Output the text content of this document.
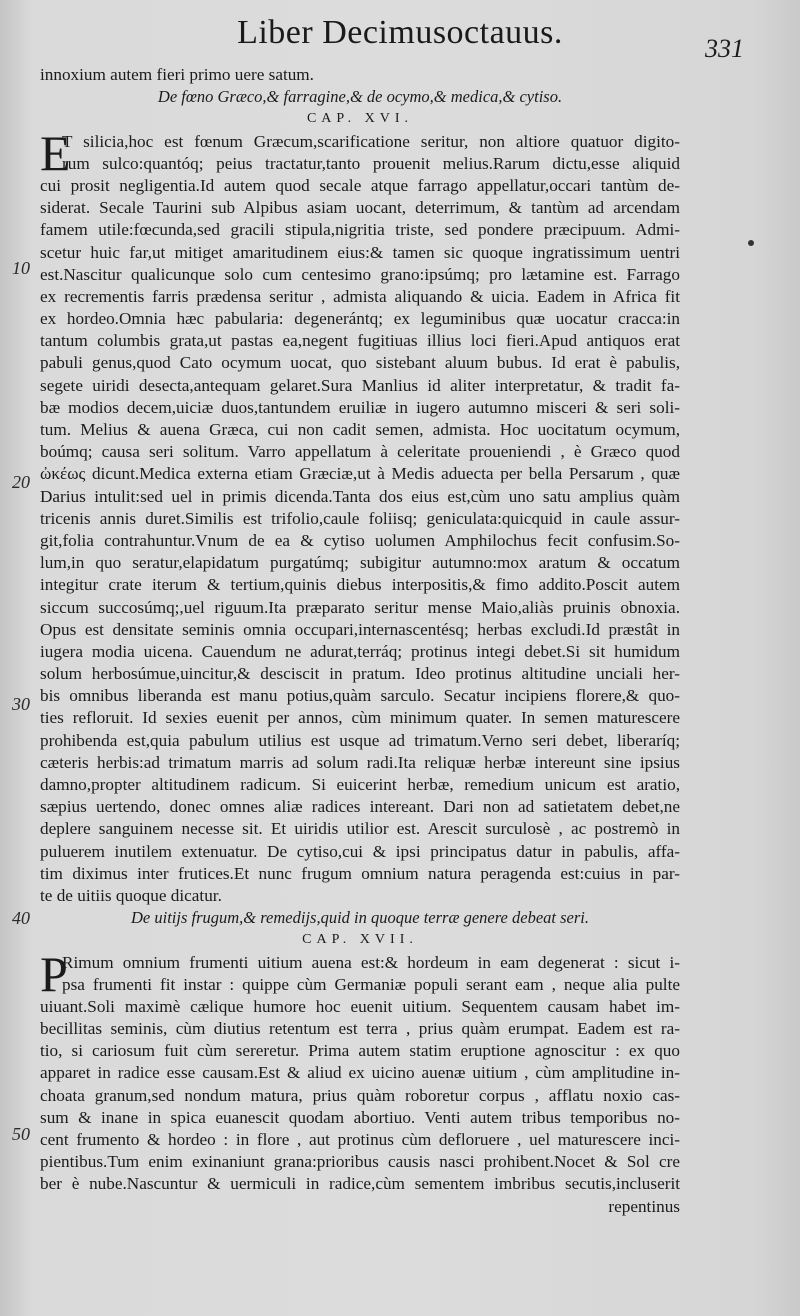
Liber Decimusoctauus.	331
10
20
30
40
50
innoxium autem fieri primo uere satum.
De fœno Græco,& farragine,& de ocymo,& medica,& cytiso.
CAP. XVI.
E
T silicia,hoc est fœnum Græcum,scarificatione seritur, non altiore quatuor digito-
rum sulco:quantóq; peius tractatur,tanto prouenit melius.Rarum dictu,esse aliquid
cui prosit negligentia.Id autem quod secale atque farrago appellatur,occari tantùm de-
siderat. Secale Taurini sub Alpibus asiam uocant, deterrimum, & tantùm ad arcendam
famem utile:fœcunda,sed gracili stipula,nigritia triste, sed pondere præcipuum. Admi-
scetur huic far,ut mitiget amaritudinem eius:& tamen sic quoque ingratissimum uentri
est.Nascitur qualicunque solo cum centesimo grano:ipsúmq; pro lætamine est. Farrago
ex recrementis farris prædensa seritur , admista aliquando & uicia. Eadem in Africa fit
ex hordeo.Omnia hæc pabularia: degenerántq; ex leguminibus quæ uocatur cracca:in
tantum columbis grata,ut pastas ea,negent fugitiuas illius loci fieri.Apud antiquos erat
pabuli genus,quod Cato ocymum uocat, quo sistebant aluum bubus. Id erat è pabulis,
segete uiridi desecta,antequam gelaret.Sura Manlius id aliter interpretatur, & tradit fa-
bæ modios decem,uiciæ duos,tantundem eruiliæ in iugero autumno misceri & seri soli-
tum. Melius & auena Græca, cui non cadit semen, admista. Hoc uocitatum ocymum,
boúmq; causa seri solitum. Varro appellatum à celeritate proueniendi , è Græco quod
ὠκέως dicunt.Medica externa etiam Græciæ,ut à Medis aduecta per bella Persarum , quæ
Darius intulit:sed uel in primis dicenda.Tanta dos eius est,cùm uno satu amplius quàm
tricenis annis duret.Similis est trifolio,caule foliisq; geniculata:quicquid in caule assur-
git,folia contrahuntur.Vnum de ea & cytiso uolumen Amphilochus fecit confusim.So-
lum,in quo seratur,elapidatum purgatúmq; subigitur autumno:mox aratum & occatum
integitur crate iterum & tertium,quinis diebus interpositis,& fimo addito.Poscit autem
siccum succosúmq;,uel riguum.Ita præparato seritur mense Maio,aliàs pruinis obnoxia.
Opus est densitate seminis omnia occupari,internascentésq; herbas excludi.Id præstât in
iugera modia uicena. Cauendum ne adurat,terráq; protinus integi debet.Si sit humidum
solum herbosúmue,uincitur,& desciscit in pratum. Ideo protinus altitudine unciali her-
bis omnibus liberanda est manu potius,quàm sarculo. Secatur incipiens florere,& quo-
ties refloruit. Id sexies euenit per annos, cùm minimum quater. In semen maturescere
prohibenda est,quia pabulum utilius est usque ad trimatum.Verno seri debet, liberaríq;
cæteris herbis:ad trimatum marris ad solum radi.Ita reliquæ herbæ intereunt sine ipsius
damno,propter altitudinem radicum. Si euicerint herbæ, remedium unicum est aratio,
sæpius uertendo, donec omnes aliæ radices intereant. Dari non ad satietatem debet,ne
deplere sanguinem necesse sit. Et uiridis utilior est. Arescit surculosè , ac postremò in
puluerem inutilem extenuatur. De cytiso,cui & ipsi principatus datur in pabulis, affa-
tim diximus inter frutices.Et nunc frugum omnium natura peragenda est:cuius in par-
te de uitiis quoque dicatur.
De uitijs frugum,& remedijs,quid in quoque terræ genere debeat seri.
CAP. XVII.
P
Rimum omnium frumenti uitium auena est:& hordeum in eam degenerat : sicut i-
psa frumenti fit instar : quippe cùm Germaniæ populi serant eam , neque alia pulte
uiuant.Soli maximè cælique humore hoc euenit uitium. Sequentem causam habet im-
becillitas seminis, cùm diutius retentum est terra , prius quàm erumpat. Eadem est ra-
tio, si cariosum fuit cùm sereretur. Prima autem statim eruptione agnoscitur : ex quo
apparet in radice esse causam.Est & aliud ex uicino auenæ uitium , cùm amplitudine in-
choata granum,sed nondum matura, prius quàm roboretur corpus , afflatu noxio cas-
sum & inane in spica euanescit quodam abortiuo. Venti autem tribus temporibus no-
cent frumento & hordeo : in flore , aut protinus cùm defloruere , uel maturescere inci-
pientibus.Tum enim exinaniunt grana:prioribus causis nasci prohibent.Nocet & Sol cre
ber è nube.Nascuntur & uermiculi in radice,cùm sementem imbribus secutis,incluserit
repentinus
